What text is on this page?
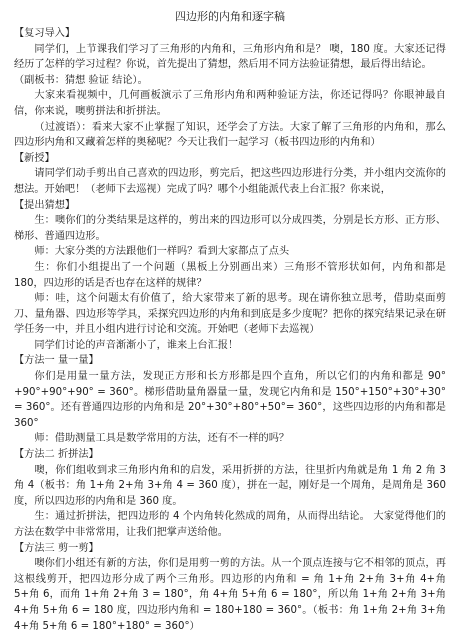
四边形的内角和逐字稿

【复习导入】

同学们，上节课我们学习了三角形的内角和，三角形内角和是？ 噢，180 度。大家还记得经历了怎样的学习过程？你说，首先提出了猜想，然后用不同方法验证猜想，最后得出结论。

（副板书：猜想 验证 结论）。

大家来看视频中，几何画板演示了三角形内角和两种验证方法，你还记得吗？你眼神最自信，你来说，噢剪拼法和折拼法。

（过渡语）：看来大家不止掌握了知识，还学会了方法。大家了解了三角形的内角和，那么四边形内角和又藏着怎样的奥秘呢？今天让我们一起学习（板书四边形的内角和）

【新授】

请同学们动手剪出自己喜欢的四边形，剪完后，把这些四边形进行分类，并小组内交流你的想法。开始吧！（老师下去巡视）完成了吗？哪个小组能派代表上台汇报？你来说，

【提出猜想】

生：噢你们的分类结果是这样的，剪出来的四边形可以分成四类，分别是长方形、正方形、梯形、普通四边形。

师：大家分类的方法跟他们一样吗？看到大家都点了点头

生：你们小组提出了一个问题（黑板上分别画出来）三角形不管形状如何，内角和都是 180，四边形的话是否也存在这样的规律？

师：哇，这个问题太有价值了，给大家带来了新的思考。现在请你独立思考，借助桌面剪刀、量角器、四边形等学具，采探究四边形的内角和到底是多少度呢？把你的探究结果记录在研学任务一中，并且小组内进行讨论和交流。开始吧（老师下去巡视）

同学们讨论的声音渐渐小了，谁来上台汇报！

【方法一 量一量】

你们是用量一量方法，发现正方形和长方形都是四个直角，所以它们的内角和都是 90°+90°+90°+90° = 360°。梯形借助量角器量一量，发现它内角和是 150°+150°+30°+30° = 360°。还有普通四边形的内角和是 20°+30°+80°+50°= 360°，这些四边形的内角和都是 360°

师：借助测量工具是数学常用的方法，还有不一样的吗？

【方法二 折拼法】

噢，你们组收到求三角形内角和的启发，采用折拼的方法，往里折内角就是角 1 角 2 角 3 角 4（板书：角 1+角 2+角 3+角 4 = 360 度），拼在一起，刚好是一个周角，是周角是 360 度，所以四边形的内角和是 360 度。

生：通过折拼法，把四边形的 4 个内角转化然成的周角，从而得出结论。 大家觉得他们的方法在数学中非常常用，让我们把掌声送给他。

【方法三 剪一剪】

噢你们小组还有新的方法，你们是用剪一剪的方法。从一个顶点连接与它不相邻的顶点，再这根线剪开，把四边形分成了两个三角形。四边形的内角和 = 角 1+角 2+角 3+角 4+角 5+角 6，而角 1+角 2+角 3 = 180°，角 4+角 5+角 6 = 180°，所以角 1+角 2+角 3+角 4+角 5+角 6 = 180 度，四边形内角和 = 180+180 = 360°。（板书：角 1+角 2+角 3+角 4+角 5+角 6 = 180°+180° = 360°）
